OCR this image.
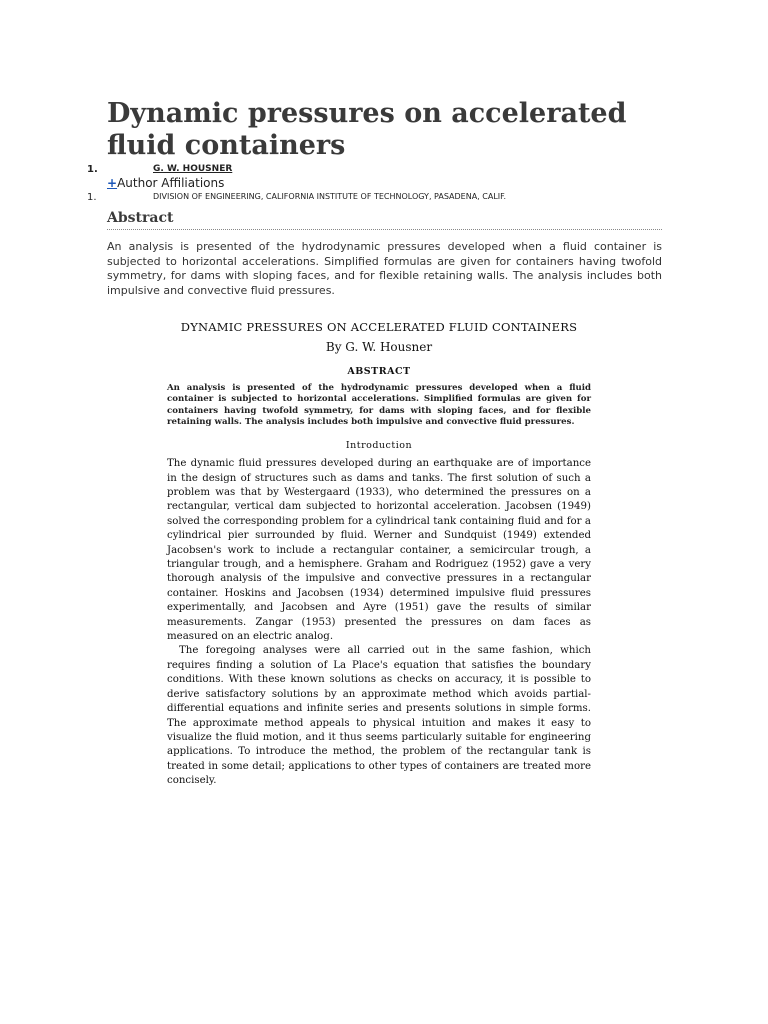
Dynamic pressures on accelerated fluid containers
1.	G. W. HOUSNER
+Author Affiliations
1.	DIVISION OF ENGINEERING, CALIFORNIA INSTITUTE OF TECHNOLOGY, PASADENA, CALIF.
Abstract

An analysis is presented of the hydrodynamic pressures developed when a fluid container is subjected to horizontal accelerations. Simplified formulas are given for containers having twofold symmetry, for dams with sloping faces, and for flexible retaining walls. The analysis includes both impulsive and convective fluid pressures.

DYNAMIC PRESSURES ON ACCELERATED FLUID CONTAINERS

By G. W. Housner

ABSTRACT

An analysis is presented of the hydrodynamic pressures developed when a fluid container is subjected to horizontal accelerations. Simplified formulas are given for containers having twofold symmetry, for dams with sloping faces, and for flexible retaining walls. The analysis includes both impulsive and convective fluid pressures.

Introduction

The dynamic fluid pressures developed during an earthquake are of importance in the design of structures such as dams and tanks. The first solution of such a problem was that by Westergaard (1933), who determined the pressures on a rectangular, vertical dam subjected to horizontal acceleration. Jacobsen (1949) solved the corresponding problem for a cylindrical tank containing fluid and for a cylindrical pier surrounded by fluid. Werner and Sundquist (1949) extended Jacobsen's work to include a rectangular container, a semicircular trough, a triangular trough, and a hemisphere. Graham and Rodriguez (1952) gave a very thorough analysis of the impulsive and convective pressures in a rectangular container. Hoskins and Jacobsen (1934) determined impulsive fluid pressures experimentally, and Jacobsen and Ayre (1951) gave the results of similar measurements. Zangar (1953) presented the pressures on dam faces as measured on an electric analog.

The foregoing analyses were all carried out in the same fashion, which requires finding a solution of La Place's equation that satisfies the boundary conditions. With these known solutions as checks on accuracy, it is possible to derive satisfactory solutions by an approximate method which avoids partial-differential equations and infinite series and presents solutions in simple forms. The approximate method appeals to physical intuition and makes it easy to visualize the fluid motion, and it thus seems particularly suitable for engineering applications. To introduce the method, the problem of the rectangular tank is treated in some detail; applications to other types of containers are treated more concisely.
